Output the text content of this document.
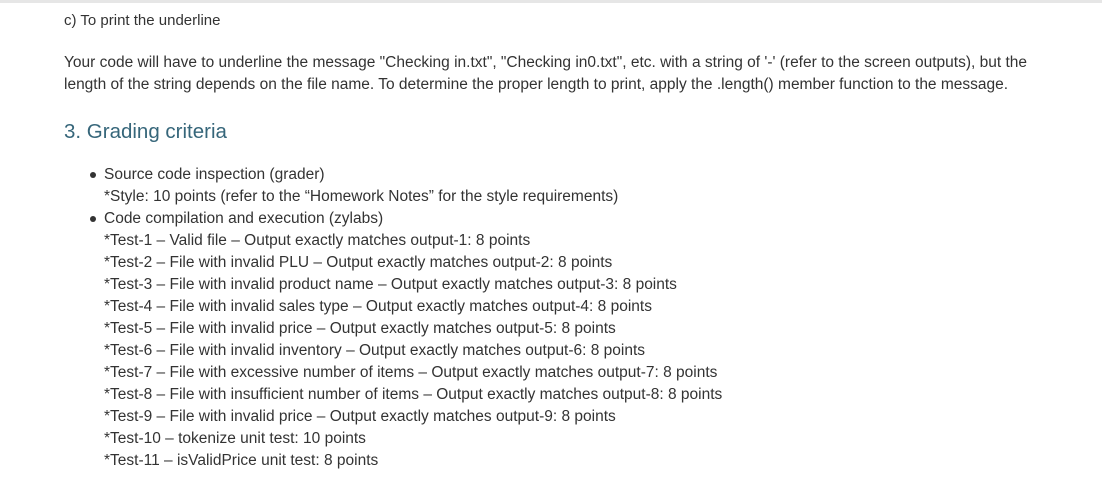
c) To print the underline
Your code will have to underline the message "Checking in.txt", "Checking in0.txt", etc. with a string of '-' (refer to the screen outputs), but the
length of the string depends on the file name. To determine the proper length to print, apply the .length() member function to the message.
3. Grading criteria
Source code inspection (grader)
*Style: 10 points (refer to the “Homework Notes” for the style requirements)
Code compilation and execution (zylabs)
*Test-1 – Valid file – Output exactly matches output-1: 8 points
*Test-2 – File with invalid PLU – Output exactly matches output-2: 8 points
*Test-3 – File with invalid product name – Output exactly matches output-3: 8 points
*Test-4 – File with invalid sales type – Output exactly matches output-4: 8 points
*Test-5 – File with invalid price – Output exactly matches output-5: 8 points
*Test-6 – File with invalid inventory – Output exactly matches output-6: 8 points
*Test-7 – File with excessive number of items – Output exactly matches output-7: 8 points
*Test-8 – File with insufficient number of items – Output exactly matches output-8: 8 points
*Test-9 – File with invalid price – Output exactly matches output-9: 8 points
*Test-10 – tokenize unit test: 10 points
*Test-11 – isValidPrice unit test: 8 points
